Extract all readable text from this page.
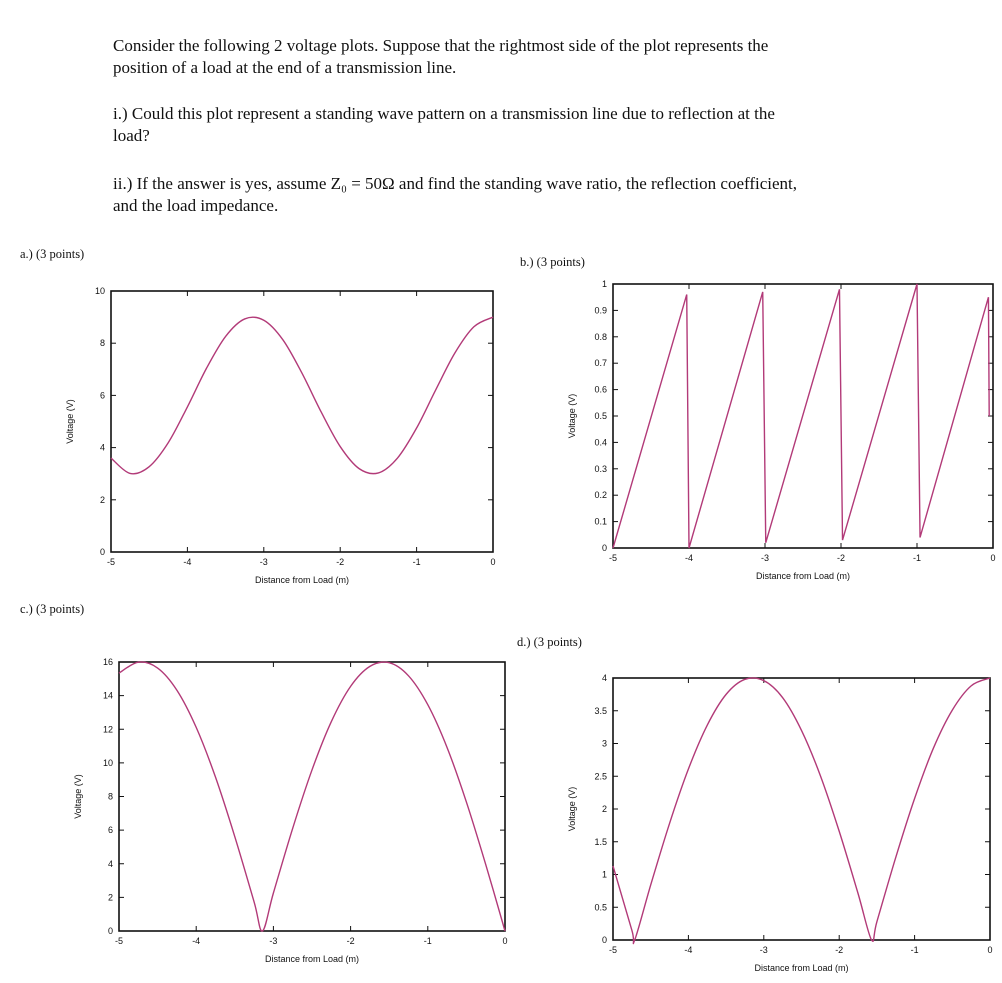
Consider the following 2 voltage plots. Suppose that the rightmost side of the plot represents the
position of a load at the end of a transmission line.
i.) Could this plot represent a standing wave pattern on a transmission line due to reflection at the
load?
ii.) If the answer is yes, assume Z₀ = 50Ω and find the standing wave ratio, the reflection coefficient,
and the load impedance.
a.) (3 points)
b.) (3 points)
c.) (3 points)
d.) (3 points)
-5	-4	-3	-2	-1	0
0
2
4
6
8
10
Distance from Load (m)
Voltage (V)
-5	-4	-3	-2	-1	0
0
0.1
0.2
0.3
0.4
0.5
0.6
0.7
0.8
0.9
1
Distance from Load (m)
Voltage (V)
-5	-4	-3	-2	-1	0
0
2
4
6
8
10
12
14
16
Distance from Load (m)
Voltage (V)
-5	-4	-3	-2	-1	0
0
0.5
1
1.5
2
2.5
3
3.5
4
Distance from Load (m)
Voltage (V)
